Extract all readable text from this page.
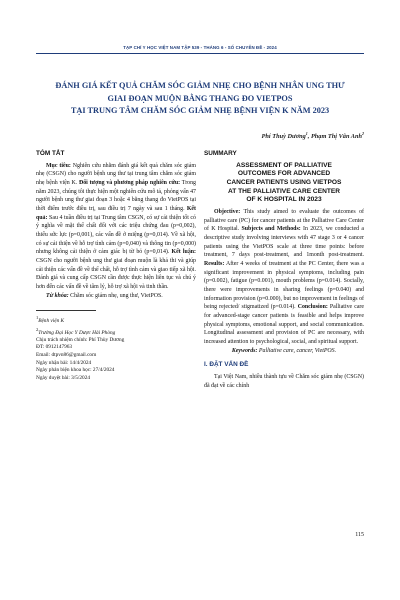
TẠP CHÍ Y HỌC VIỆT NAM TẬP 539 - THÁNG 6 - SỐ CHUYÊN ĐỀ - 2024
ĐÁNH GIÁ KẾT QUẢ CHĂM SÓC GIẢM NHẸ CHO BỆNH NHÂN UNG THƯ
GIAI ĐOẠN MUỘN BẰNG THANG ĐO VIETPOS
TẠI TRUNG TÂM CHĂM SÓC GIẢM NHẸ BỆNH VIỆN K NĂM 2023
Phí Thuỳ Dương$^1$, Phạm Thị Vân Anh$^2$
TÓM TẮT

Mục tiêu: Nghiên cứu nhằm đánh giá kết quả chăm sóc giảm nhẹ (CSGN) cho người bệnh ung thư tại trung tâm chăm sóc giảm nhẹ bệnh viện K. Đối tượng và phương pháp nghiên cứu: Trong năm 2023, chúng tôi thực hiện một nghiên cứu mô tả, phỏng vấn 47 người bệnh ung thư giai đoạn 3 hoặc 4 bằng thang đo VietPOS tại thời điểm trước điều trị, sau điều trị 7 ngày và sau 1 tháng. Kết quả: Sau 4 tuần điều trị tại Trung tâm CSGN, có sự cải thiện tốt có ý nghĩa về mặt thể chất đối với các triệu chứng đau (p=0,002), thiếu sức lực (p=0,001), các vấn đề ở miệng (p=0,014). Về xã hội, có sự cải thiện về hỗ trợ tình cảm (p=0,040) và thông tin (p=0,000) nhưng không cải thiện ở cảm giác bị từ bỏ (p=0,014). Kết luận: CSGN cho người bệnh ung thư giai đoạn muộn là khả thi và giúp cải thiện các vấn đề về thể chất, hỗ trợ tình cảm và giao tiếp xã hội. Đánh giá và cung cấp CSGN cần được thực hiện liên tục và chú ý hơn đến các vấn đề về tâm lý, hỗ trợ xã hội và tinh thần.

Từ khóa: Chăm sóc giảm nhẹ, ung thư, VietPOS.

$^1$Bệnh viện K

$^2$Trường Đại Học Y Dược Hải Phòng

Chịu trách nhiệm chính: Phí Thùy Dương

ĐT: 0912147963

Email: dtpvn86@gmail.com

Ngày nhận bài: 14/4/2024

Ngày phản biện khoa học: 27/4/2024

Ngày duyệt bài: 3/5/2024

SUMMARY
ASSESSMENT OF PALLIATIVE
OUTCOMES FOR ADVANCED
CANCER PATIENTS USING VIETPOS
AT THE PALLIATIVE CARE CENTER
OF K HOSPITAL IN 2023

Objective: This study aimed to evaluate the outcomes of palliative care (PC) for cancer patients at the Palliative Care Center of K Hospital. Subjects and Methods: In 2023, we conducted a descriptive study involving interviews with 47 stage 3 or 4 cancer patients using the VietPOS scale at three time points: before treatment, 7 days post-treatment, and 1month post-treatment. Results: After 4 weeks of treatment at the PC Center, there was a significant improvement in physical symptoms, including pain (p=0.002), fatigue (p=0.001), mouth problems (p=0.014). Socially, there were improvements in sharing feelings (p=0.040) and information provision (p=0.000), but no improvement in feelings of being rejected/ stigmatized (p=0.014). Conclusion: Palliative care for advanced-stage cancer patients is feasible and helps improve physical symptoms, emotional support, and social communication. Longitudinal assessment and provision of PC are necessary, with increased attention to psychological, social, and spiritual support.

Keywords: Palliative care, cancer, VietPOS.

I. ĐẶT VẤN ĐỀ

Tại Việt Nam, nhiều thành tựu về Chăm sóc giảm nhẹ (CSGN) đã đạt về các chính

115
